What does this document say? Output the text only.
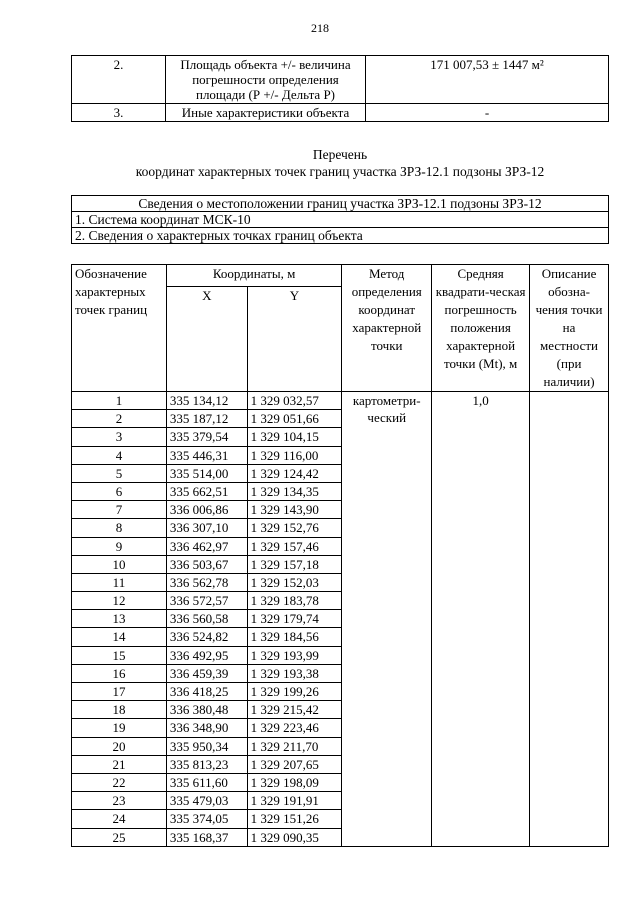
218
2.	Площадь объекта +/- величина погрешности определения площади (Р +/- Дельта Р)	171 007,53 ± 1447 м²
3.	Иные характеристики объекта	-
Перечень
координат характерных точек границ участка ЗРЗ-12.1 подзоны ЗРЗ-12
Сведения о местоположении границ участка ЗРЗ-12.1 подзоны ЗРЗ-12
1. Система координат МСК-10
2. Сведения о характерных точках границ объекта
Обозначение характерных точек границ	Координаты, м		Метод определения координат характерной точки	Средняя квадрати-ческая погрешность положения характерной точки (Mt), м	Описание обозна-чения точки на местности (при наличии)
	X	Y			
1	335 134,12	1 329 032,57	картометри-ческий	1,0	
2	335 187,12	1 329 051,66			
3	335 379,54	1 329 104,15			
4	335 446,31	1 329 116,00			
5	335 514,00	1 329 124,42			
6	335 662,51	1 329 134,35			
7	336 006,86	1 329 143,90			
8	336 307,10	1 329 152,76			
9	336 462,97	1 329 157,46			
10	336 503,67	1 329 157,18			
11	336 562,78	1 329 152,03			
12	336 572,57	1 329 183,78			
13	336 560,58	1 329 179,74			
14	336 524,82	1 329 184,56			
15	336 492,95	1 329 193,99			
16	336 459,39	1 329 193,38			
17	336 418,25	1 329 199,26			
18	336 380,48	1 329 215,42			
19	336 348,90	1 329 223,46			
20	335 950,34	1 329 211,70			
21	335 813,23	1 329 207,65			
22	335 611,60	1 329 198,09			
23	335 479,03	1 329 191,91			
24	335 374,05	1 329 151,26			
25	335 168,37	1 329 090,35			
